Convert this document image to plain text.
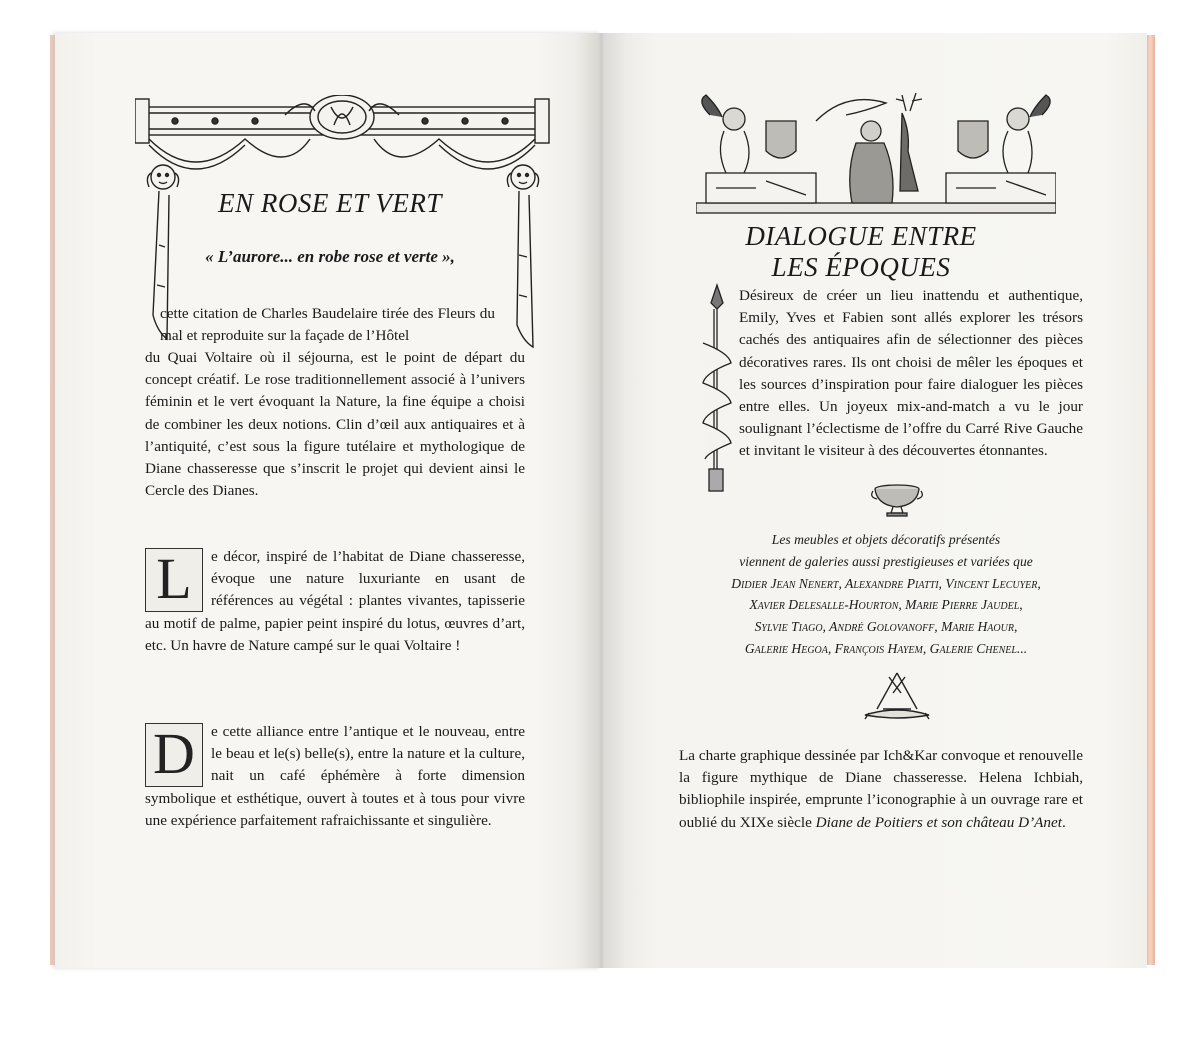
EN ROSE ET VERT
« L’aurore... en robe rose et verte »,

cette citation de Charles Baudelaire tirée des Fleurs du mal et reproduite sur la façade de l’Hôtel

du Quai Voltaire où il séjourna, est le point de départ du concept créatif. Le rose traditionnellement associé à l’univers féminin et le vert évoquant la Nature, la fine équipe a choisi de combiner les deux notions. Clin d’œil aux antiquaires et à l’antiquité, c’est sous la figure tutélaire et mythologique de Diane chasseresse que s’inscrit le projet qui devient ainsi le Cercle des Dianes.

L	e décor, inspiré de l’habitat de Diane chasseresse, évoque une nature luxuriante en usant de références au végétal : plantes vivantes, tapisserie au motif de palme, papier peint inspiré du lotus, œuvres d’art, etc. Un havre de Nature campé sur le quai Voltaire !

D	e cette alliance entre l’antique et le nouveau, entre le beau et le(s) belle(s), entre la nature et la culture, nait un café éphémère à forte dimension symbolique et esthétique, ouvert à toutes et à tous pour vivre une expérience parfaitement rafraichissante et singulière.

DIALOGUE ENTRE
LES ÉPOQUES

Désireux de créer un lieu inattendu et authentique, Emily, Yves et Fabien sont allés explorer les trésors cachés des antiquaires afin de sélectionner des pièces décoratives rares. Ils ont choisi de mêler les époques et les sources d’inspiration pour faire dialoguer les pièces entre elles. Un joyeux mix-and-match a vu le jour soulignant l’éclectisme de l’offre du Carré Rive Gauche et invitant le visiteur à des découvertes étonnantes.

Les meubles et objets décoratifs présentés
viennent de galeries aussi prestigieuses et variées que
Didier Jean Nenert, Alexandre Piatti, Vincent Lecuyer,
Xavier Delesalle-Hourton, Marie Pierre Jaudel,
Sylvie Tiago, André Golovanoff, Marie Haour,
Galerie Hegoa, François Hayem, Galerie Chenel...

La charte graphique dessinée par Ich&Kar convoque et renouvelle la figure mythique de Diane chasseresse. Helena Ichbiah, bibliophile inspirée, emprunte l’iconographie à un ouvrage rare et oublié du XIXe siècle Diane de Poitiers et son château D’Anet.
